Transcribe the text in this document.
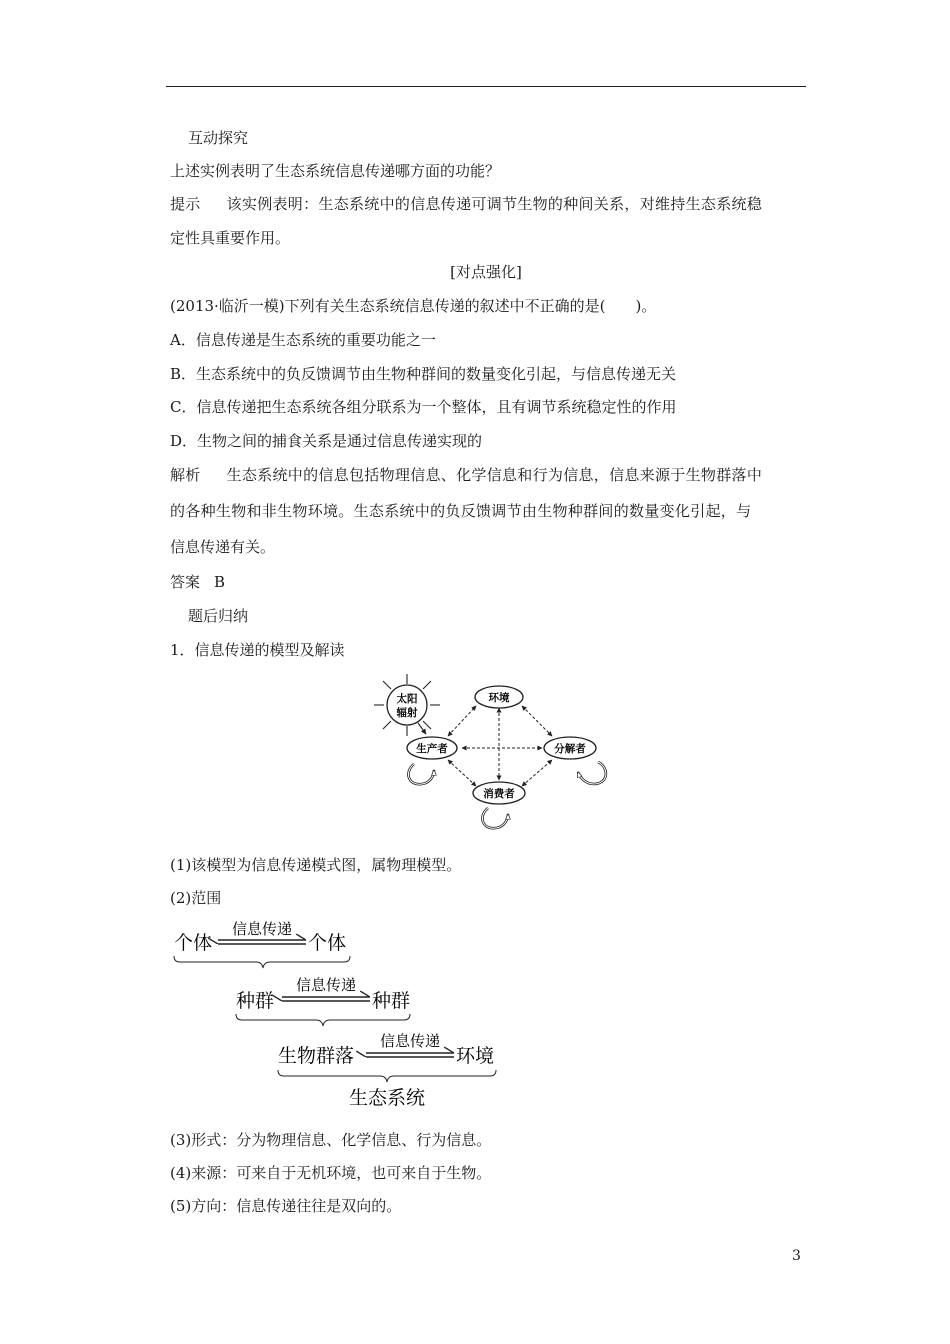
互动探究
上述实例表明了生态系统信息传递哪方面的功能？
提示 该实例表明：生态系统中的信息传递可调节生物的种间关系，对维持生态系统稳
定性具重要作用。
[对点强化]
(2013·临沂一模)下列有关生态系统信息传递的叙述中不正确的是(　　)。
A．信息传递是生态系统的重要功能之一
B．生态系统中的负反馈调节由生物种群间的数量变化引起，与信息传递无关
C．信息传递把生态系统各组分联系为一个整体，且有调节系统稳定性的作用
D．生物之间的捕食关系是通过信息传递实现的
解析 生态系统中的信息包括物理信息、化学信息和行为信息，信息来源于生物群落中
的各种生物和非生物环境。生态系统中的负反馈调节由生物种群间的数量变化引起，与
信息传递有关。
答案 B
题后归纳
1．信息传递的模型及解读
太阳
辐射
环境
生产者	分解者
消费者
(1)该模型为信息传递模式图，属物理模型。
(2)范围
个体
信息传递
个体
种群
信息传递
种群
生物群落
信息传递
环境
生态系统
(3)形式：分为物理信息、化学信息、行为信息。
(4)来源：可来自于无机环境，也可来自于生物。
(5)方向：信息传递往往是双向的。
3
